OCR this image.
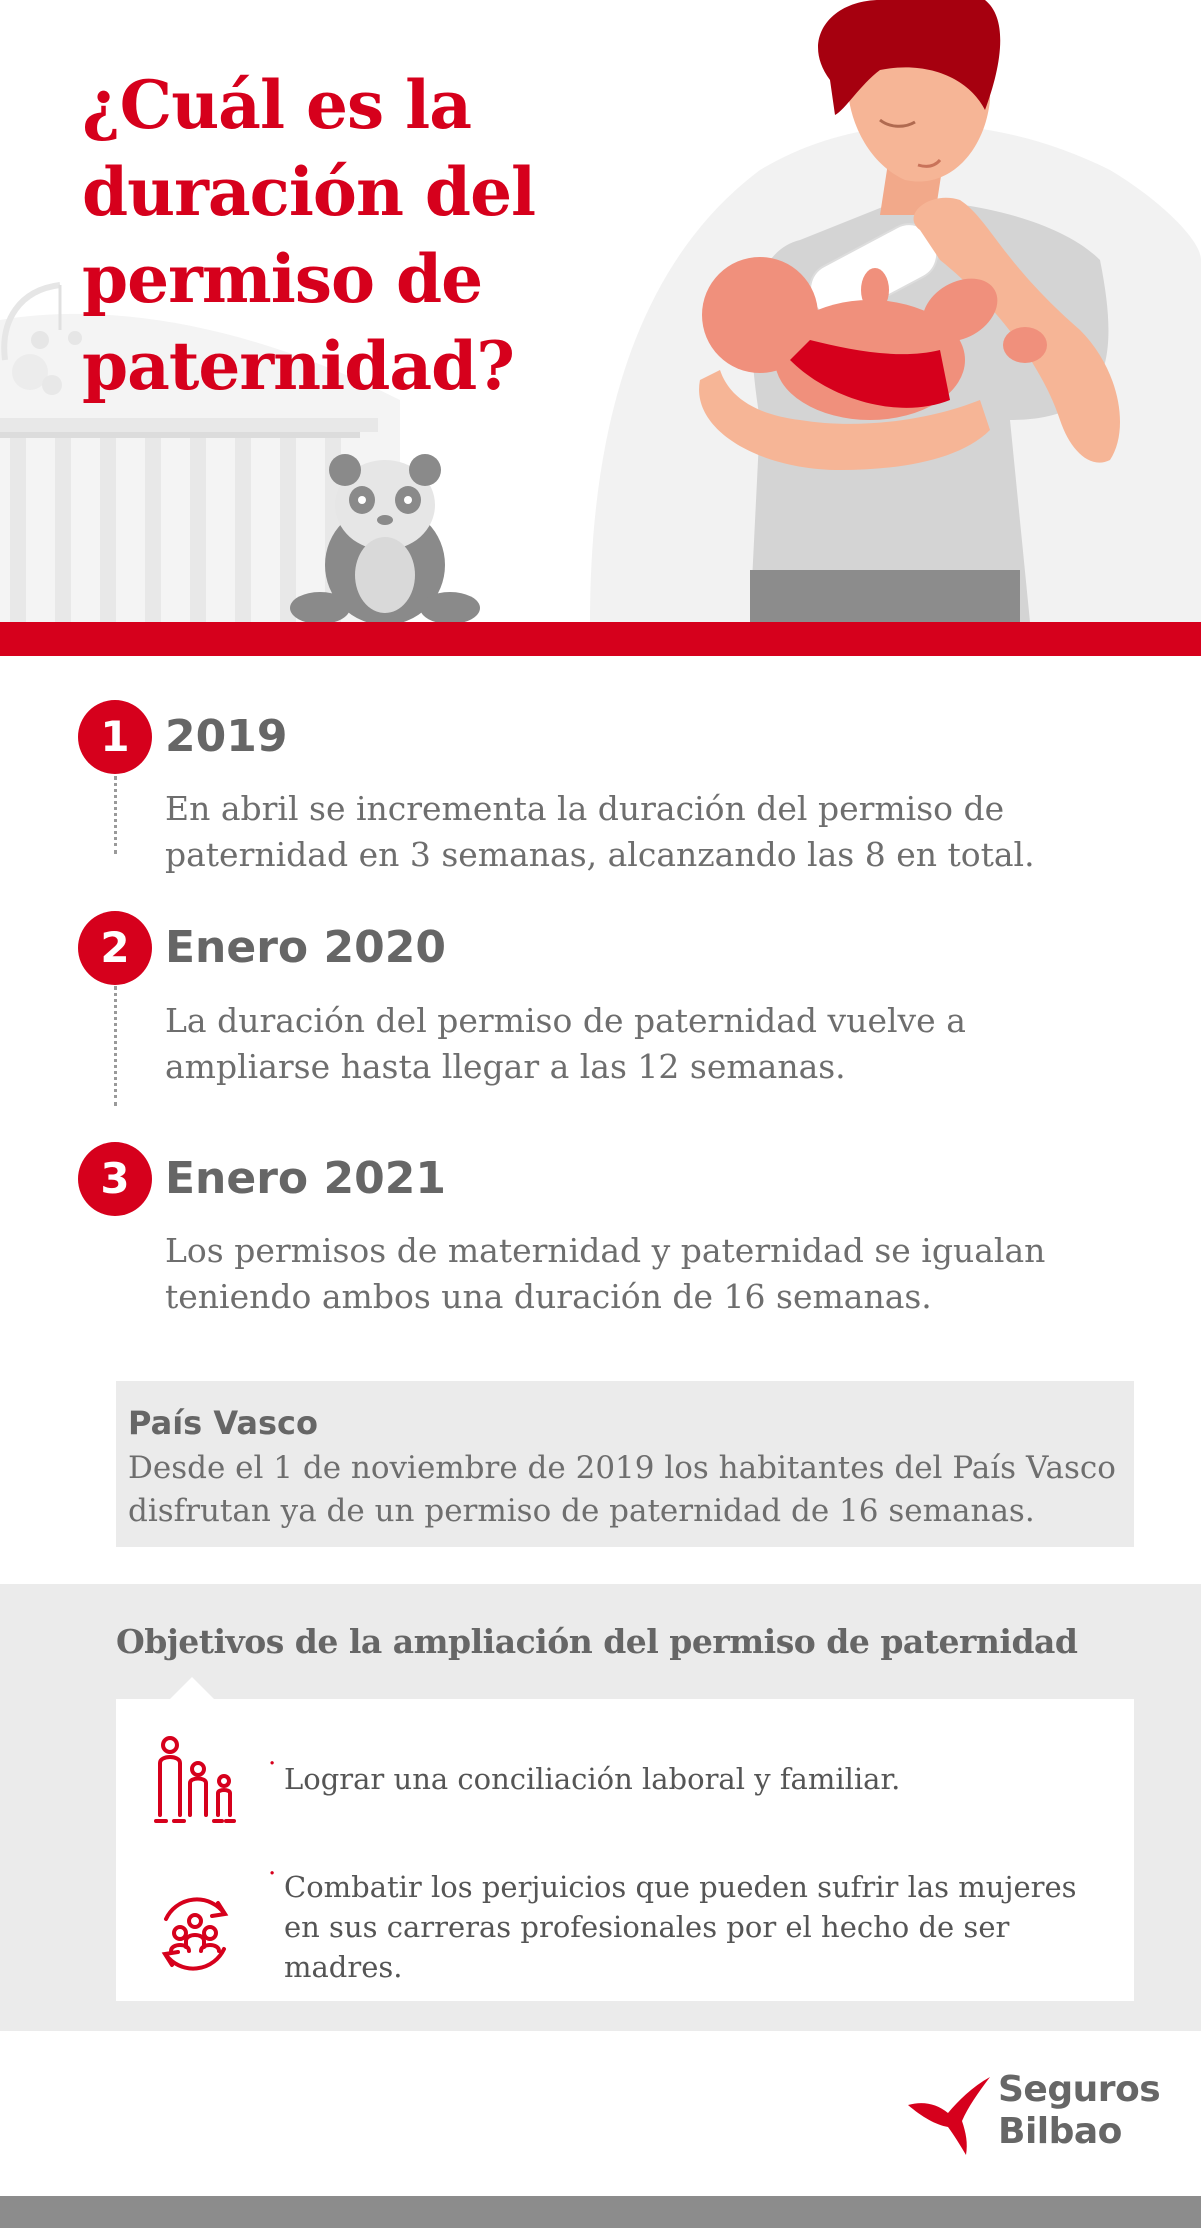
¿Cuál es la
duración del
permiso de
paternidad?
1 2019
En abril se incrementa la duración del permiso de
paternidad en 3 semanas, alcanzando las 8 en total.
2 Enero 2020
La duración del permiso de paternidad vuelve a
ampliarse hasta llegar a las 12 semanas.
3 Enero 2021
Los permisos de maternidad y paternidad se igualan
teniendo ambos una duración de 16 semanas.
País Vasco
Desde el 1 de noviembre de 2019 los habitantes del País Vasco
disfrutan ya de un permiso de paternidad de 16 semanas.
Objetivos de la ampliación del permiso de paternidad
· Lograr una conciliación laboral y familiar.
· Combatir los perjuicios que pueden sufrir las mujeres
en sus carreras profesionales por el hecho de ser madres.
Seguros
Bilbao
